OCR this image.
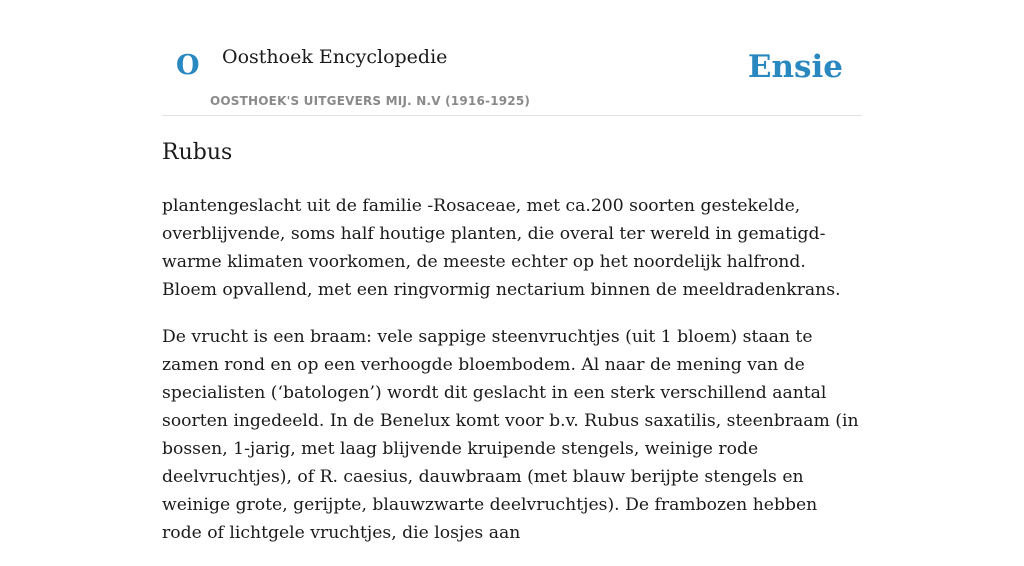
O Oosthoek Encyclopedie
OOSTHOEK'S UITGEVERS MIJ. N.V (1916-1925)
Ensie
Rubus

plantengeslacht uit de familie -Rosaceae, met ca.200 soorten gestekelde, overblijvende, soms half houtige planten, die overal ter wereld in gematigd-warme klimaten voorkomen, de meeste echter op het noordelijk halfrond. Bloem opvallend, met een ringvormig nectarium binnen de meeldradenkrans.

De vrucht is een braam: vele sappige steenvruchtjes (uit 1 bloem) staan te zamen rond en op een verhoogde bloembodem. Al naar de mening van de specialisten (‘batologen’) wordt dit geslacht in een sterk verschillend aantal soorten ingedeeld. In de Benelux komt voor b.v. Rubus saxatilis, steenbraam (in bossen, 1-jarig, met laag blijvende kruipende stengels, weinige rode deelvruchtjes), of R. caesius, dauwbraam (met blauw berijpte stengels en weinige grote, gerijpte, blauwzwarte deelvruchtjes). De frambozen hebben rode of lichtgele vruchtjes, die losjes aan
